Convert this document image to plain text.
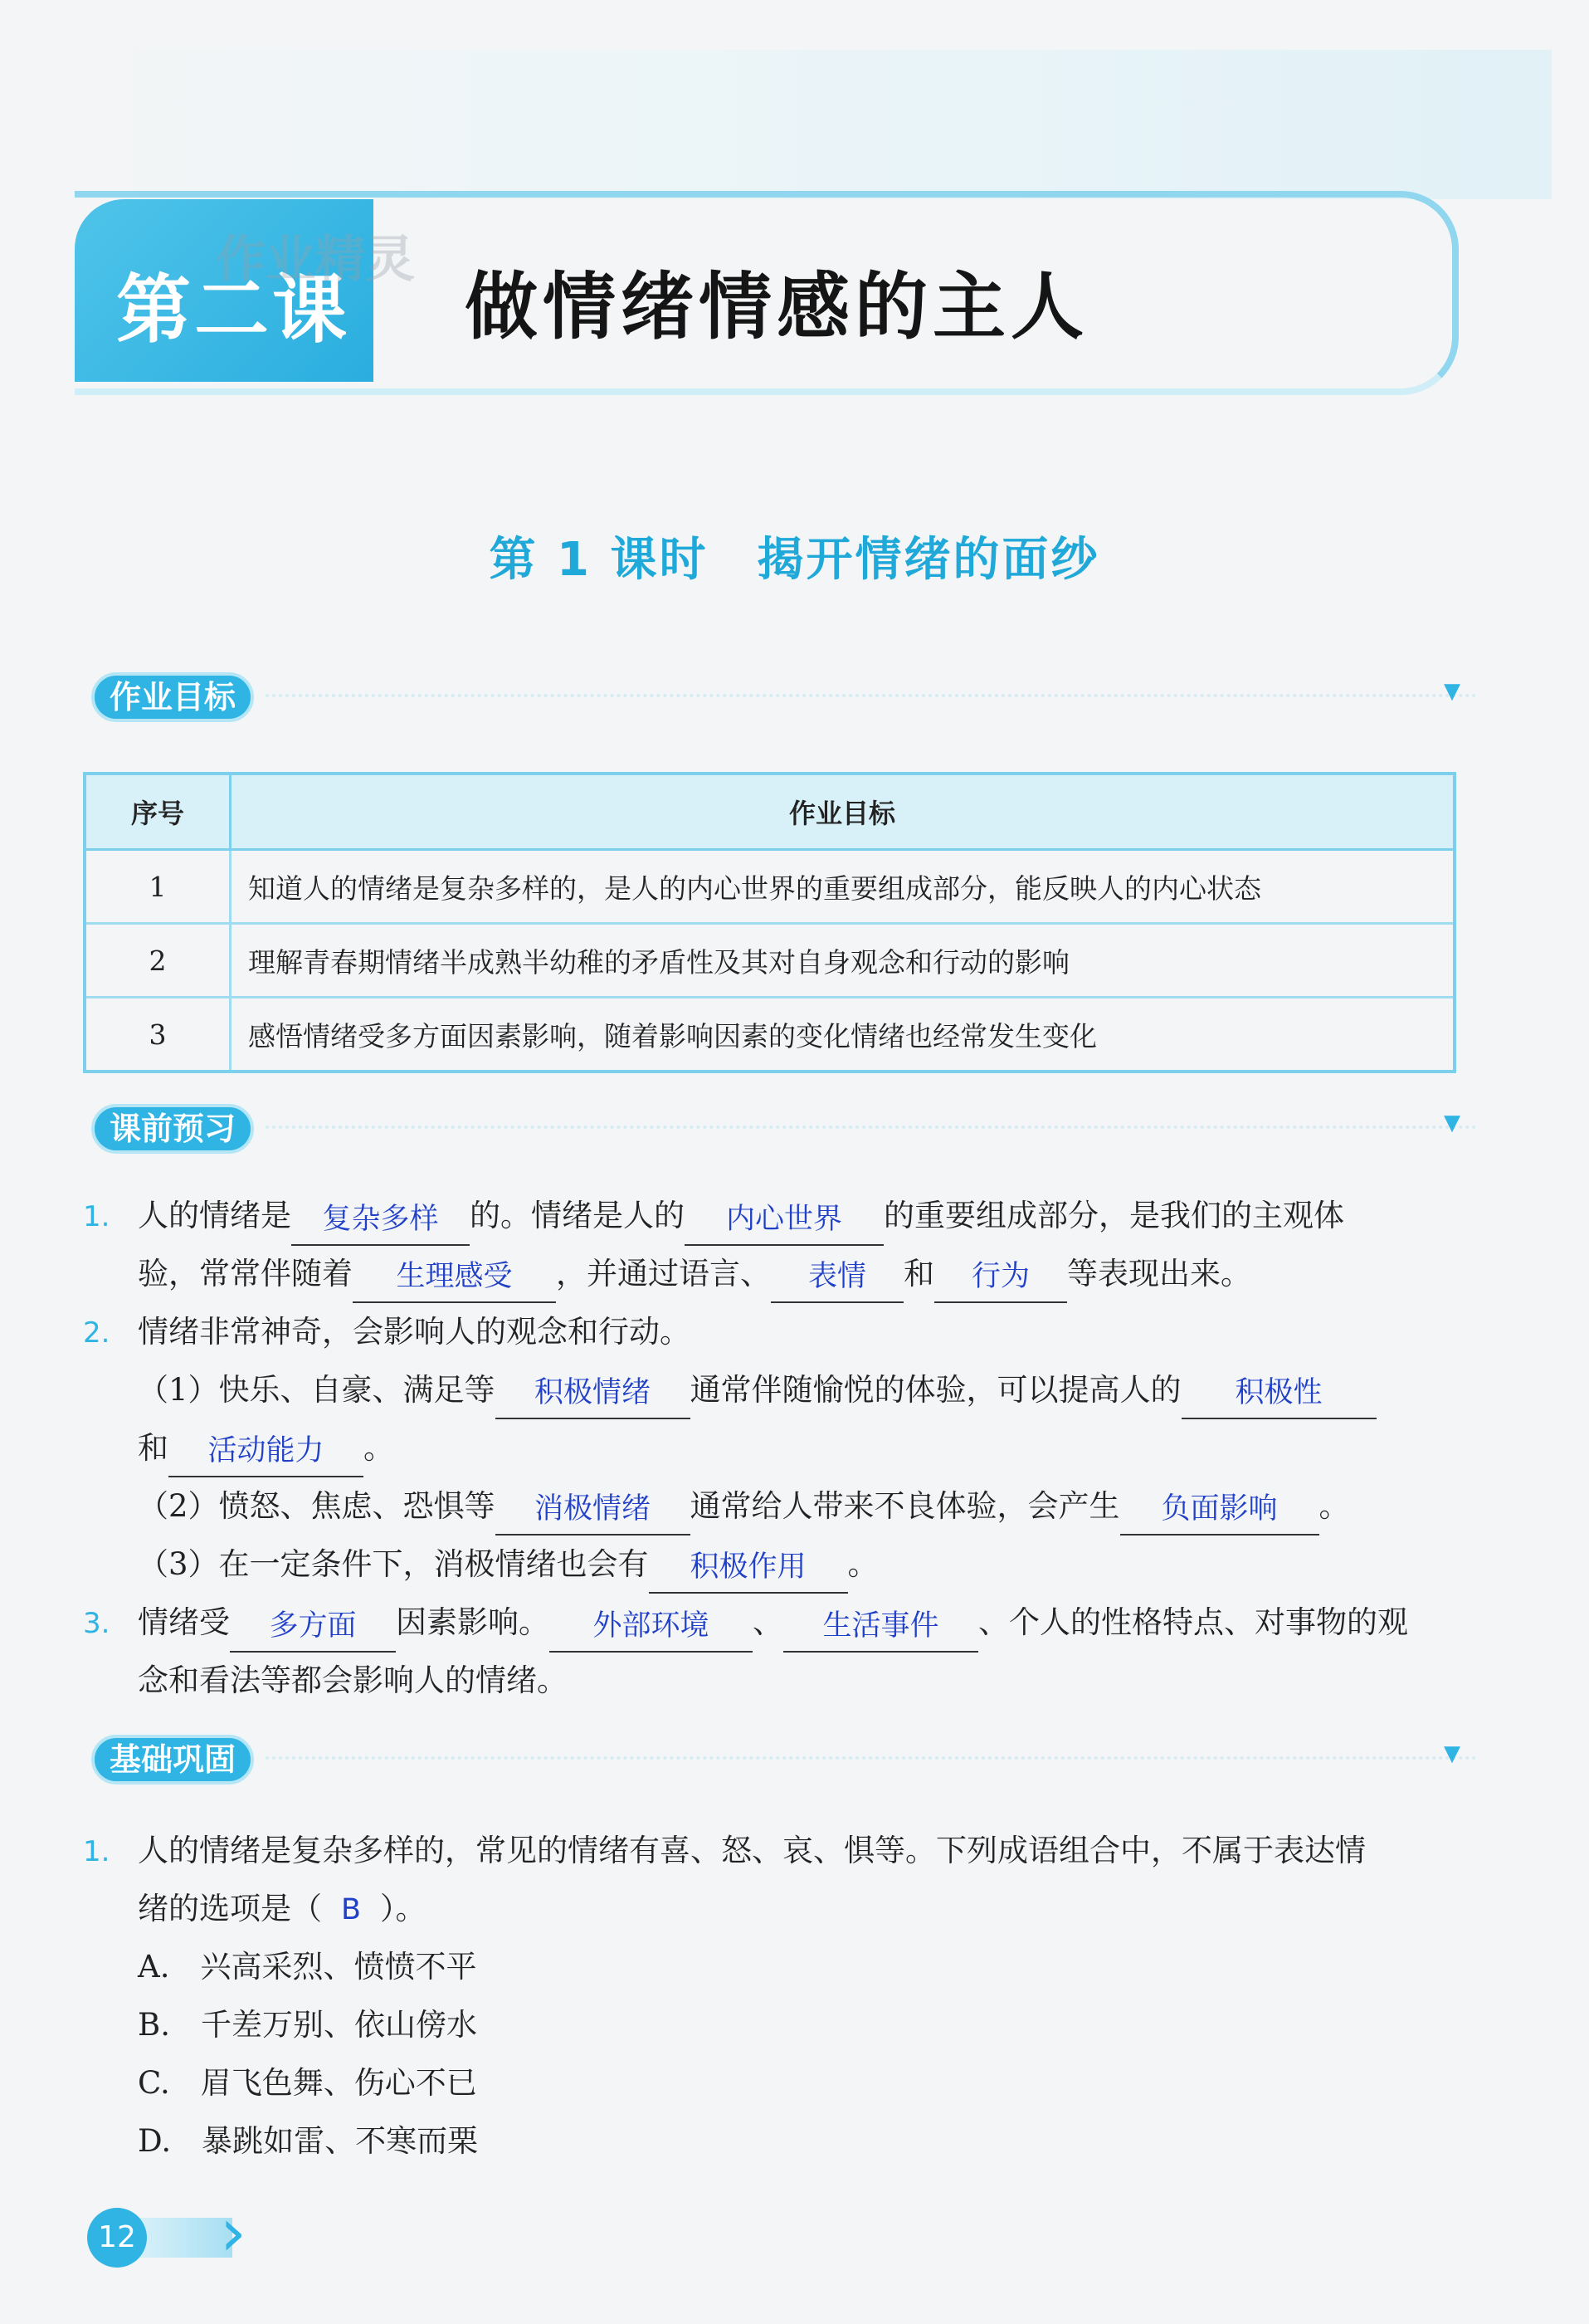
第二课
作业精灵
做情绪情感的主人
第 1 课时　揭开情绪的面纱
作业目标	▼
序号	作业目标
1	知道人的情绪是复杂多样的，是人的内心世界的重要组成部分，能反映人的内心状态
2	理解青春期情绪半成熟半幼稚的矛盾性及其对自身观念和行动的影响
3	感悟情绪受多方面因素影响，随着影响因素的变化情绪也经常发生变化
课前预习	▼
1. 人的情绪是 复杂多样 的。情绪是人的 内心世界 的重要组成部分，是我们的主观体
验，常常伴随着 生理感受 ，并通过语言、 表情 和 行为 等表现出来。
2. 情绪非常神奇，会影响人的观念和行动。
（1）快乐、自豪、满足等 积极情绪 通常伴随愉悦的体验，可以提高人的 积极性
和 活动能力 。
（2）愤怒、焦虑、恐惧等 消极情绪 通常给人带来不良体验，会产生 负面影响 。
（3）在一定条件下，消极情绪也会有 积极作用 。
3. 情绪受 多方面 因素影响。 外部环境 、 生活事件 、个人的性格特点、对事物的观
念和看法等都会影响人的情绪。
基础巩固	▼
1. 人的情绪是复杂多样的，常见的情绪有喜、怒、哀、惧等。下列成语组合中，不属于表达情
绪的选项是（ B ）。
A.　兴高采烈、愤愤不平
B.　千差万别、依山傍水
C.　眉飞色舞、伤心不已
D.　暴跳如雷、不寒而栗
12 ›
